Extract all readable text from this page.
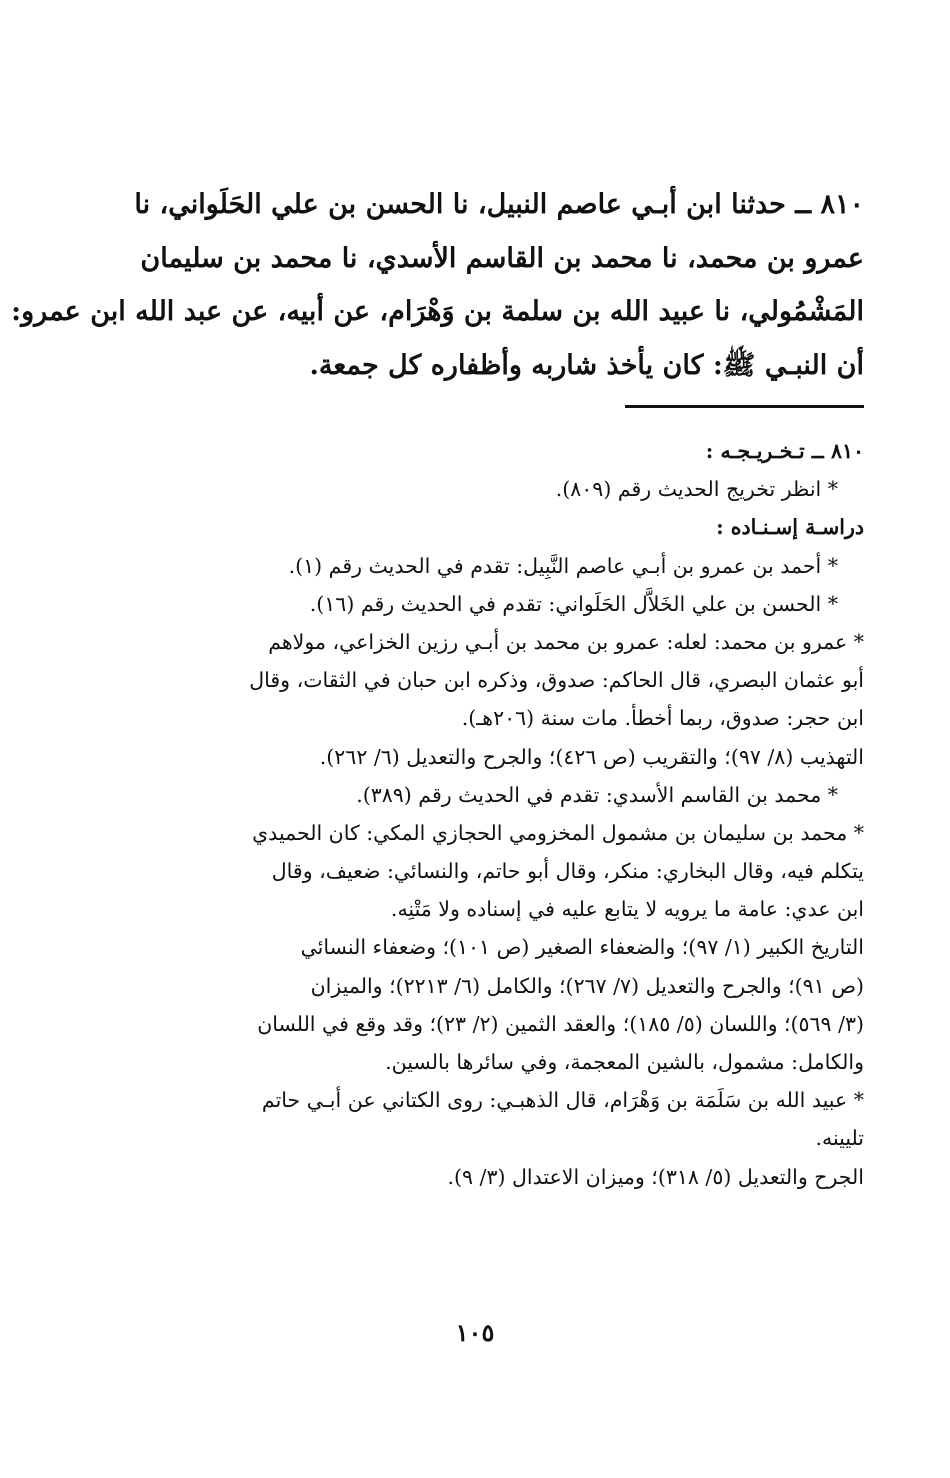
٨١٠ ــ حدثنا ابن أبـي عاصم النبيل، نا الحسن بن علي الحَلَواني، نا
عمرو بن محمد، نا محمد بن القاسم الأسدي، نا محمد بن سليمان
المَشْمُولي، نا عبيد الله بن سلمة بن وَهْرَام، عن أبيه، عن عبد الله ابن عمرو:
أن النبـي ﷺ: كان يأخذ شاربه وأظفاره كل جمعة.
٨١٠ ــ تـخـريـجـه :
* انظر تخريج الحديث رقم (٨٠٩).
دراسـة إسـنـاده :
* أحمد بن عمرو بن أبـي عاصم النَّبِيل: تقدم في الحديث رقم (١).
* الحسن بن علي الخَلاَّل الحَلَواني: تقدم في الحديث رقم (١٦).
* عمرو بن محمد: لعله: عمرو بن محمد بن أبـي رزين الخزاعي، مولاهم
أبو عثمان البصري، قال الحاكم: صدوق، وذكره ابن حبان في الثقات، وقال
ابن حجر: صدوق، ربما أخطأ. مات سنة (٢٠٦هـ).
التهذيب (٨/ ٩٧)؛ والتقريب (ص ٤٢٦)؛ والجرح والتعديل (٦/ ٢٦٢).
* محمد بن القاسم الأسدي: تقدم في الحديث رقم (٣٨٩).
* محمد بن سليمان بن مشمول المخزومي الحجازي المكي: كان الحميدي
يتكلم فيه، وقال البخاري: منكر، وقال أبو حاتم، والنسائي: ضعيف، وقال
ابن عدي: عامة ما يرويه لا يتابع عليه في إسناده ولا مَتْنِه.
التاريخ الكبير (١/ ٩٧)؛ والضعفاء الصغير (ص ١٠١)؛ وضعفاء النسائي
(ص ٩١)؛ والجرح والتعديل (٧/ ٢٦٧)؛ والكامل (٦/ ٢٢١٣)؛ والميزان
(٣/ ٥٦٩)؛ واللسان (٥/ ١٨٥)؛ والعقد الثمين (٢/ ٢٣)؛ وقد وقع في اللسان
والكامل: مشمول، بالشين المعجمة، وفي سائرها بالسين.
* عبيد الله بن سَلَمَة بن وَهْرَام، قال الذهبـي: روى الكتاني عن أبـي حاتم
تليينه.
الجرح والتعديل (٥/ ٣١٨)؛ وميزان الاعتدال (٣/ ٩).
١٠٥
